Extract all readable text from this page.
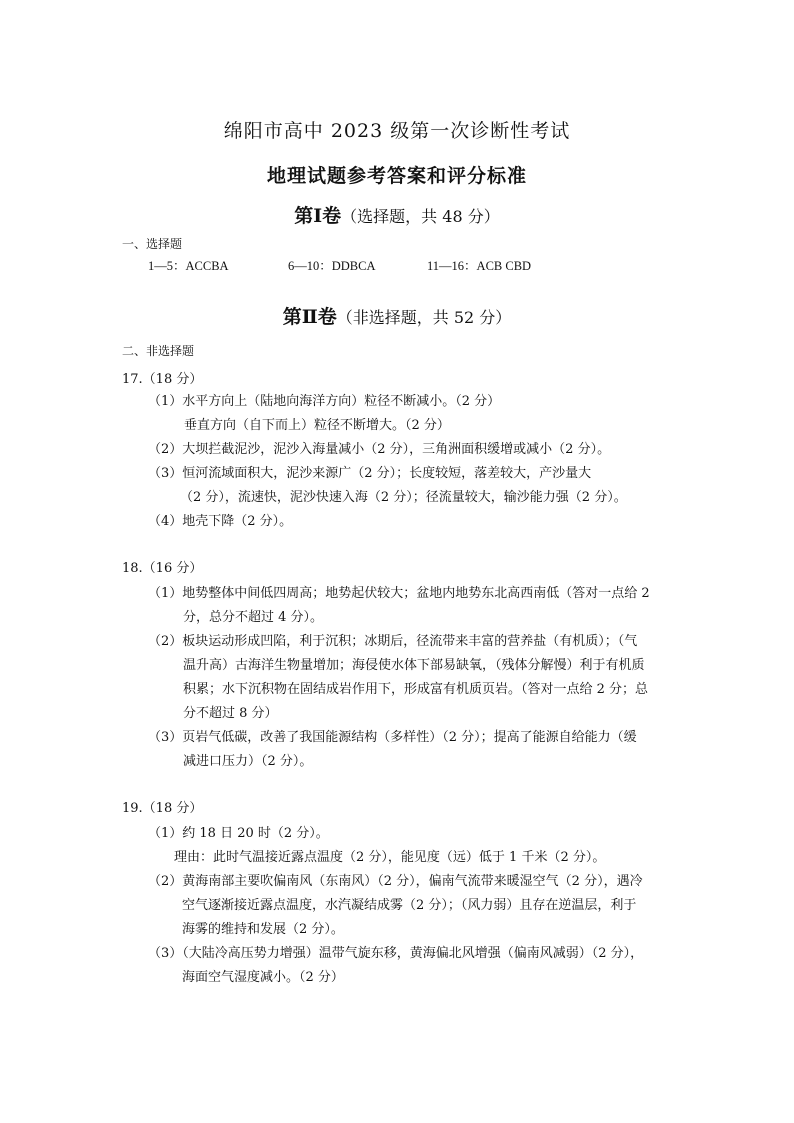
绵阳市高中 2023 级第一次诊断性考试
地理试题参考答案和评分标准
第Ⅰ卷（选择题，共 48 分）
一、选择题
1—5：ACCBA	6—10：DDBCA	11—16：ACB CBD
第Ⅱ卷（非选择题，共 52 分）
二、非选择题
17.（18 分）
（1）水平方向上（陆地向海洋方向）粒径不断减小。（2 分）
垂直方向（自下而上）粒径不断增大。（2 分）
（2）大坝拦截泥沙，泥沙入海量减小（2 分），三角洲面积缓增或减小（2 分）。
（3）恒河流域面积大，泥沙来源广（2 分）；长度较短，落差较大，产沙量大
（2 分），流速快，泥沙快速入海（2 分）；径流量较大，输沙能力强（2 分）。
（4）地壳下降（2 分）。
18.（16 分）
（1）地势整体中间低四周高；地势起伏较大；盆地内地势东北高西南低（答对一点给 2
分，总分不超过 4 分）。
（2）板块运动形成凹陷，利于沉积；冰期后，径流带来丰富的营养盐（有机质）；（气
温升高）古海洋生物量增加；海侵使水体下部易缺氧，（残体分解慢）利于有机质
积累；水下沉积物在固结成岩作用下，形成富有机质页岩。（答对一点给 2 分；总
分不超过 8 分）
（3）页岩气低碳，改善了我国能源结构（多样性）（2 分）；提高了能源自给能力（缓
减进口压力）（2 分）。
19.（18 分）
（1）约 18 日 20 时（2 分）。
理由：此时气温接近露点温度（2 分），能见度（远）低于 1 千米（2 分）。
（2）黄海南部主要吹偏南风（东南风）（2 分），偏南气流带来暖湿空气（2 分），遇冷
空气逐渐接近露点温度，水汽凝结成雾（2 分）；（风力弱）且存在逆温层，利于
海雾的维持和发展（2 分）。
（3）（大陆冷高压势力增强）温带气旋东移，黄海偏北风增强（偏南风减弱）（2 分），
海面空气湿度减小。（2 分）
